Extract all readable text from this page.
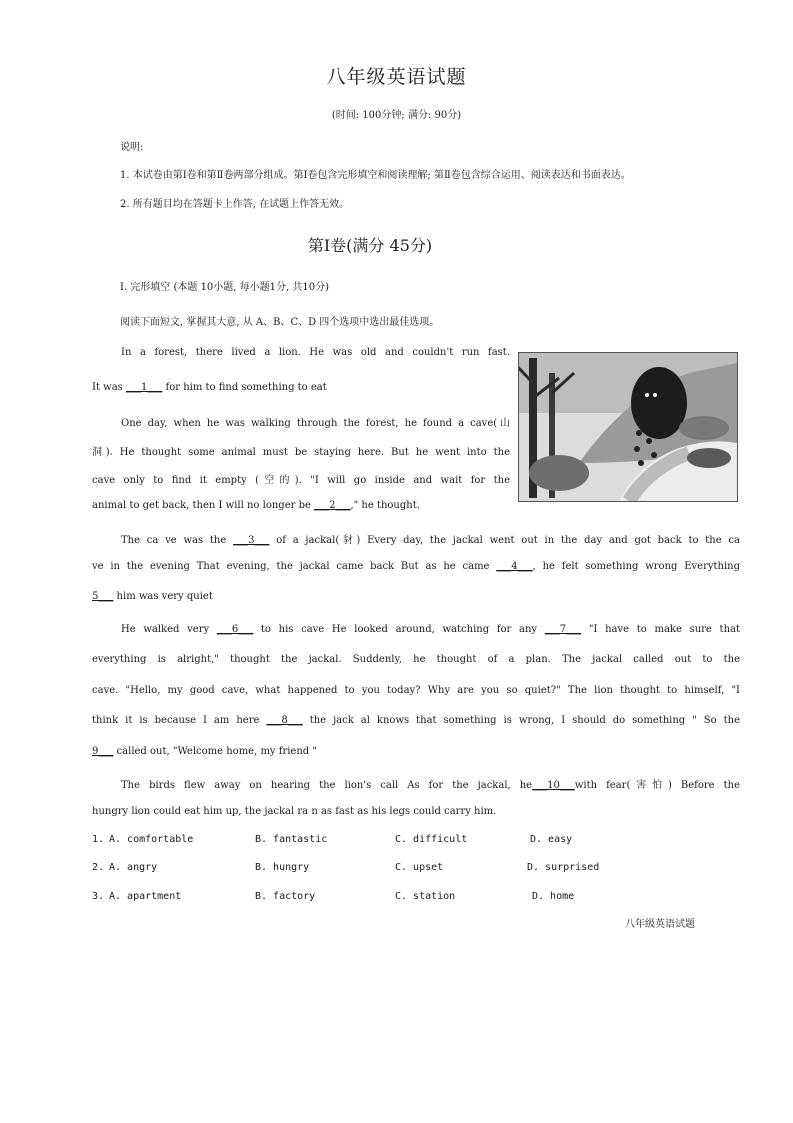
八年级英语试题
(时间: 100分钟; 满分: 90分)
说明:
1. 本试卷由第Ⅰ卷和第Ⅱ卷两部分组成。第Ⅰ卷包含完形填空和阅读理解; 第Ⅱ卷包含综合运用、阅读表达和书面表达。
2. 所有题目均在答题卡上作答, 在试题上作答无效。
第Ⅰ卷(满分 45分)
Ⅰ. 完形填空 (本题 10小题, 每小题1分, 共10分)
阅读下面短文, 掌握其大意, 从 A、B、C、D 四个选项中选出最佳选项。
In a forest, there lived a lion. He was old and couldn't run fast.
It was ___1___ for him to find something to eat
One day, when he was walking through the forest, he found a cave(山
洞). He thought some animal must be staying here. But he went into the
cave only to find it empty (空的). "I will go inside and wait for the
animal to get back, then I will no longer be ___2___," he thought.
The ca ve was the ___3___ of a jackal(豺) Every day, the jackal went out in the day and got back to the ca
ve in the evening That evening, the jackal came back But as he came ___4___, he felt something wrong Everything
5___ him was very quiet
He walked very ___6___ to his cave He looked around, watching for any ___7___ "I have to make sure that
everything is alright," thought the jackal. Suddenly, he thought of a plan. The jackal called out to the
cave. "Hello, my good cave, what happened to you today? Why are you so quiet?" The lion thought to himself, "I
think it is because I am here ___8___ the jack al knows that something is wrong, I should do something " So the
9___ called out, "Welcome home, my friend "
The birds flew away on hearing the lion's call As for the jackal, he___10___with fear(害怕) Before the
hungry lion could eat him up, the jackal ra n as fast as his legs could carry him.
1. A. comfortable	B. fantastic	C. difficult	D. easy
2. A. angry	B. hungry	C. upset	D. surprised
3. A. apartment	B. factory	C. station	D. home
八年级英语试题
